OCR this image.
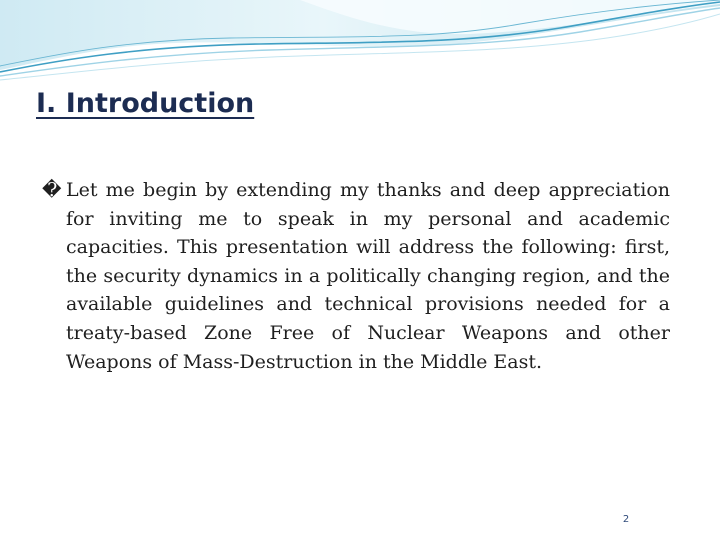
I. Introduction
� Let me begin by extending my thanks and deep appreciation for inviting me to speak in my personal and academic capacities. This presentation will address the following: first, the security dynamics in a politically changing region, and the available guidelines and technical provisions needed for a treaty-based Zone Free of Nuclear Weapons and other Weapons of Mass-Destruction in the Middle East.

2
